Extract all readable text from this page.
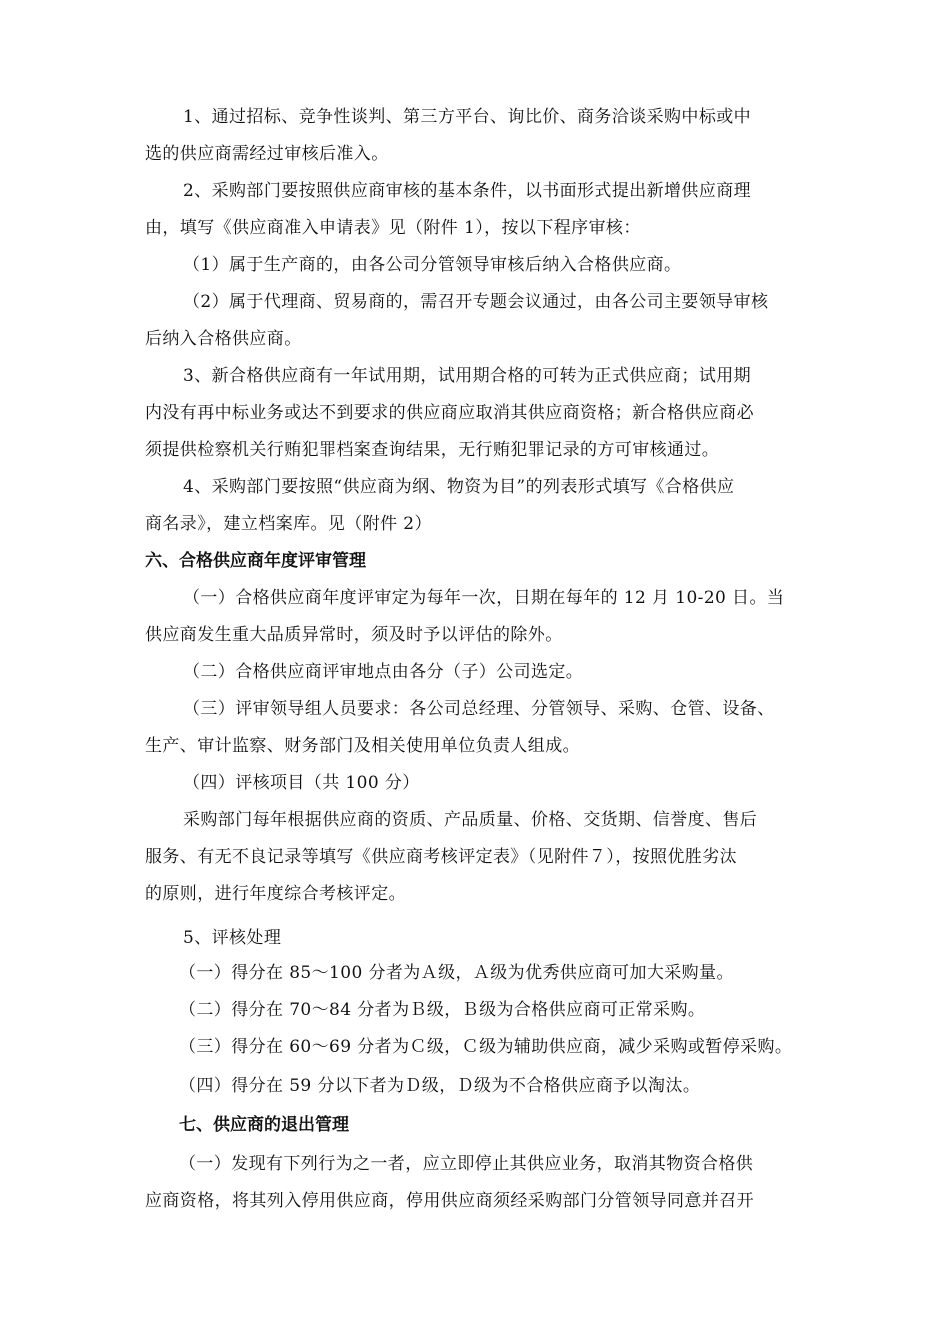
1、通过招标、竞争性谈判、第三方平台、询比价、商务洽谈采购中标或中
选的供应商需经过审核后准入。
2、采购部门要按照供应商审核的基本条件，以书面形式提出新增供应商理
由，填写《供应商准入申请表》见（附件 1），按以下程序审核：
（1）属于生产商的，由各公司分管领导审核后纳入合格供应商。
（2）属于代理商、贸易商的，需召开专题会议通过，由各公司主要领导审核
后纳入合格供应商。
3、新合格供应商有一年试用期，试用期合格的可转为正式供应商；试用期
内没有再中标业务或达不到要求的供应商应取消其供应商资格；新合格供应商必
须提供检察机关行贿犯罪档案查询结果，无行贿犯罪记录的方可审核通过。
4、采购部门要按照“供应商为纲、物资为目”的列表形式填写《合格供应
商名录》，建立档案库。见（附件 2）
六、合格供应商年度评审管理
（一）合格供应商年度评审定为每年一次，日期在每年的 12 月 10-20 日。当
供应商发生重大品质异常时，须及时予以评估的除外。
（二）合格供应商评审地点由各分（子）公司选定。
（三）评审领导组人员要求：各公司总经理、分管领导、采购、仓管、设备、
生产、审计监察、财务部门及相关使用单位负责人组成。
（四）评核项目（共 100 分）
采购部门每年根据供应商的资质、产品质量、价格、交货期、信誉度、售后
服务、有无不良记录等填写《供应商考核评定表》（见附件７），按照优胜劣汰
的原则，进行年度综合考核评定。
5、评核处理
（一）得分在 85～100 分者为Ａ级，Ａ级为优秀供应商可加大采购量。
（二）得分在 70～84 分者为Ｂ级，Ｂ级为合格供应商可正常采购。
（三）得分在 60～69 分者为Ｃ级，Ｃ级为辅助供应商，减少采购或暂停采购。
（四）得分在 59 分以下者为Ｄ级，Ｄ级为不合格供应商予以淘汰。
七、供应商的退出管理
（一）发现有下列行为之一者，应立即停止其供应业务，取消其物资合格供
应商资格，将其列入停用供应商，停用供应商须经采购部门分管领导同意并召开
